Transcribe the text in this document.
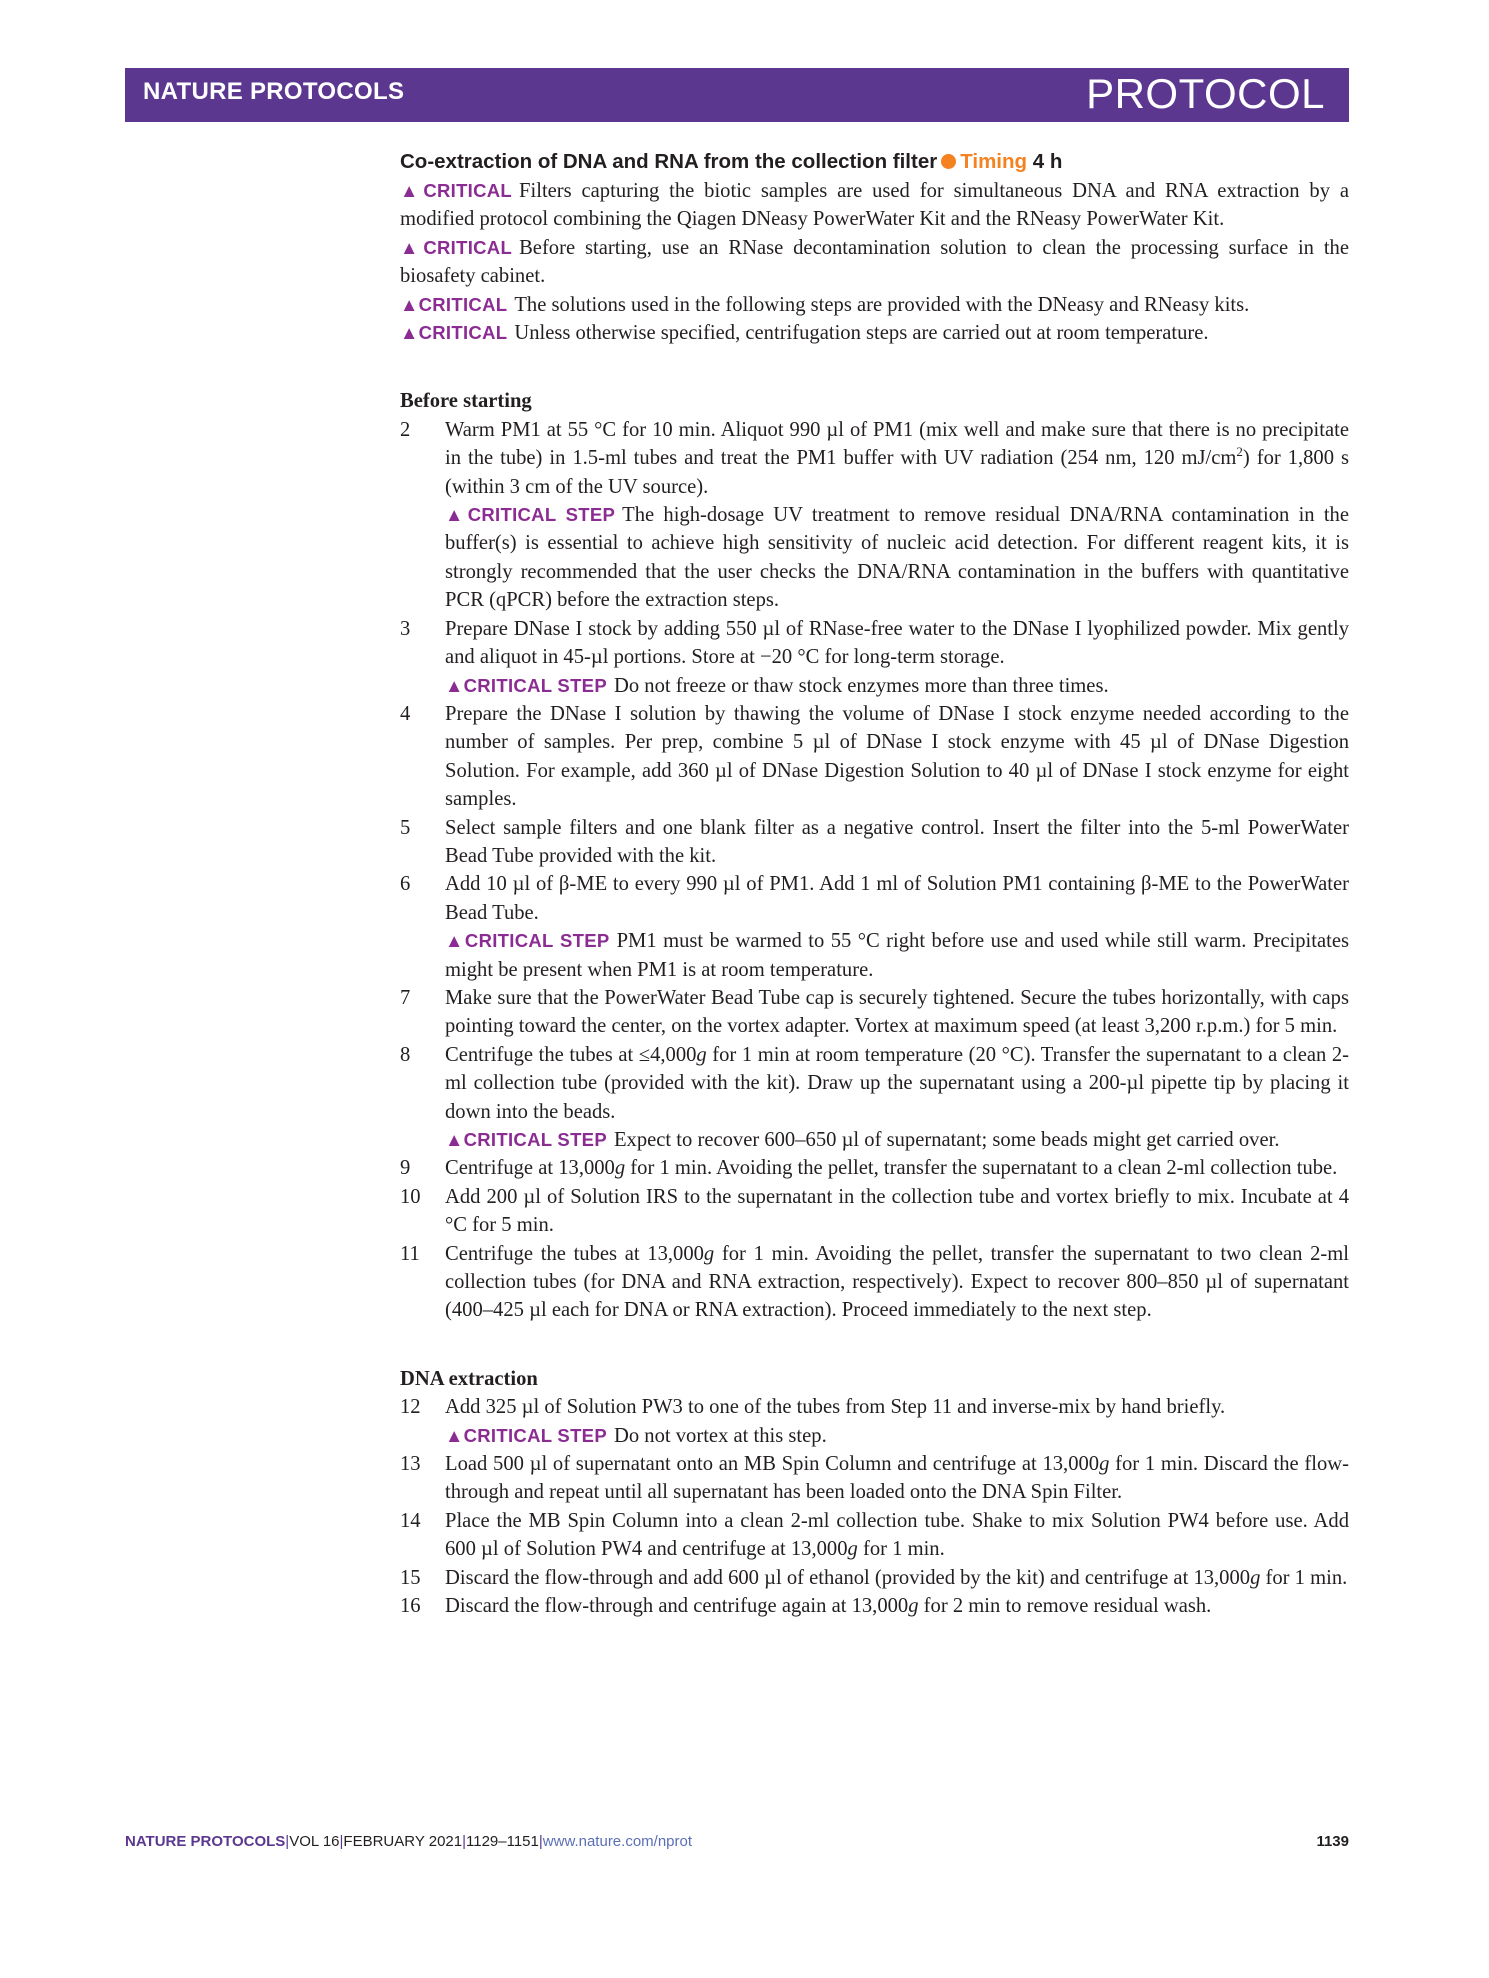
NATURE PROTOCOLS	PROTOCOL
Co-extraction of DNA and RNA from the collection filter Timing 4 h

▲CRITICAL Filters capturing the biotic samples are used for simultaneous DNA and RNA extraction by a modified protocol combining the Qiagen DNeasy PowerWater Kit and the RNeasy PowerWater Kit.

▲CRITICAL Before starting, use an RNase decontamination solution to clean the processing surface in the biosafety cabinet.

▲CRITICAL The solutions used in the following steps are provided with the DNeasy and RNeasy kits.

▲CRITICAL Unless otherwise specified, centrifugation steps are carried out at room temperature.

Before starting
2 Warm PM1 at 55 °C for 10 min. Aliquot 990 µl of PM1 (mix well and make sure that there is no precipitate in the tube) in 1.5-ml tubes and treat the PM1 buffer with UV radiation (254 nm, 120 $mJ/cm^2$) for 1,800 s (within 3 cm of the UV source).

▲CRITICAL STEP The high-dosage UV treatment to remove residual DNA/RNA contamination in the buffer(s) is essential to achieve high sensitivity of nucleic acid detection. For different reagent kits, it is strongly recommended that the user checks the DNA/RNA contamination in the buffers with quantitative PCR (qPCR) before the extraction steps.

3 Prepare DNase I stock by adding 550 µl of RNase-free water to the DNase I lyophilized powder. Mix gently and aliquot in 45-µl portions. Store at −20 °C for long-term storage.

▲CRITICAL STEP Do not freeze or thaw stock enzymes more than three times.

4 Prepare the DNase I solution by thawing the volume of DNase I stock enzyme needed according to the number of samples. Per prep, combine 5 µl of DNase I stock enzyme with 45 µl of DNase Digestion Solution. For example, add 360 µl of DNase Digestion Solution to 40 µl of DNase I stock enzyme for eight samples.

5 Select sample filters and one blank filter as a negative control. Insert the filter into the 5-ml PowerWater Bead Tube provided with the kit.

6 Add 10 µl of β-ME to every 990 µl of PM1. Add 1 ml of Solution PM1 containing β-ME to the PowerWater Bead Tube.

▲CRITICAL STEP PM1 must be warmed to 55 °C right before use and used while still warm. Precipitates might be present when PM1 is at room temperature.

7 Make sure that the PowerWater Bead Tube cap is securely tightened. Secure the tubes horizontally, with caps pointing toward the center, on the vortex adapter. Vortex at maximum speed (at least 3,200 r.p.m.) for 5 min.

8 Centrifuge the tubes at ≤4,000g for 1 min at room temperature (20 °C). Transfer the supernatant to a clean 2-ml collection tube (provided with the kit). Draw up the supernatant using a 200-µl pipette tip by placing it down into the beads.

▲CRITICAL STEP Expect to recover 600–650 µl of supernatant; some beads might get carried over.

9 Centrifuge at 13,000g for 1 min. Avoiding the pellet, transfer the supernatant to a clean 2-ml collection tube.

10 Add 200 µl of Solution IRS to the supernatant in the collection tube and vortex briefly to mix. Incubate at 4 °C for 5 min.

11 Centrifuge the tubes at 13,000g for 1 min. Avoiding the pellet, transfer the supernatant to two clean 2-ml collection tubes (for DNA and RNA extraction, respectively). Expect to recover 800–850 µl of supernatant (400–425 µl each for DNA or RNA extraction). Proceed immediately to the next step.

DNA extraction
12 Add 325 µl of Solution PW3 to one of the tubes from Step 11 and inverse-mix by hand briefly.

▲CRITICAL STEP Do not vortex at this step.

13 Load 500 µl of supernatant onto an MB Spin Column and centrifuge at 13,000g for 1 min. Discard the flow-through and repeat until all supernatant has been loaded onto the DNA Spin Filter.

14 Place the MB Spin Column into a clean 2-ml collection tube. Shake to mix Solution PW4 before use. Add 600 µl of Solution PW4 and centrifuge at 13,000g for 1 min.

15 Discard the flow-through and add 600 µl of ethanol (provided by the kit) and centrifuge at 13,000g for 1 min.

16 Discard the flow-through and centrifuge again at 13,000g for 2 min to remove residual wash.

NATURE PROTOCOLS|VOL 16|FEBRUARY 2021|1129–1151|www.nature.com/nprot	1139
